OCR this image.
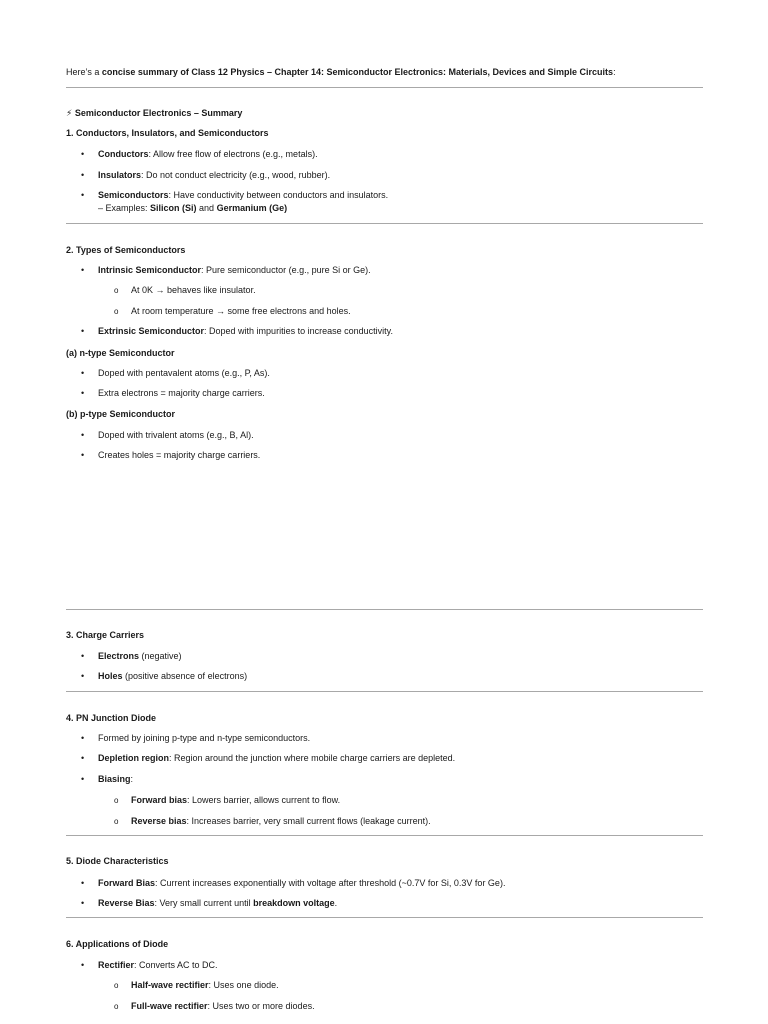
Here’s a concise summary of Class 12 Physics – Chapter 14: Semiconductor Electronics: Materials, Devices and Simple Circuits:
⚡ Semiconductor Electronics – Summary
1. Conductors, Insulators, and Semiconductors
• Conductors: Allow free flow of electrons (e.g., metals).
• Insulators: Do not conduct electricity (e.g., wood, rubber).
• Semiconductors: Have conductivity between conductors and insulators.
– Examples: Silicon (Si) and Germanium (Ge)
2. Types of Semiconductors
• Intrinsic Semiconductor: Pure semiconductor (e.g., pure Si or Ge).
o At 0K → behaves like insulator.
o At room temperature → some free electrons and holes.
• Extrinsic Semiconductor: Doped with impurities to increase conductivity.
(a) n-type Semiconductor
• Doped with pentavalent atoms (e.g., P, As).
• Extra electrons = majority charge carriers.
(b) p-type Semiconductor
• Doped with trivalent atoms (e.g., B, Al).
• Creates holes = majority charge carriers.
3. Charge Carriers
• Electrons (negative)
• Holes (positive absence of electrons)
4. PN Junction Diode
• Formed by joining p-type and n-type semiconductors.
• Depletion region: Region around the junction where mobile charge carriers are depleted.
• Biasing:
o Forward bias: Lowers barrier, allows current to flow.
o Reverse bias: Increases barrier, very small current flows (leakage current).
5. Diode Characteristics
• Forward Bias: Current increases exponentially with voltage after threshold (~0.7V for Si, 0.3V for Ge).
• Reverse Bias: Very small current until breakdown voltage.
6. Applications of Diode
• Rectifier: Converts AC to DC.
o Half-wave rectifier: Uses one diode.
o Full-wave rectifier: Uses two or more diodes.
